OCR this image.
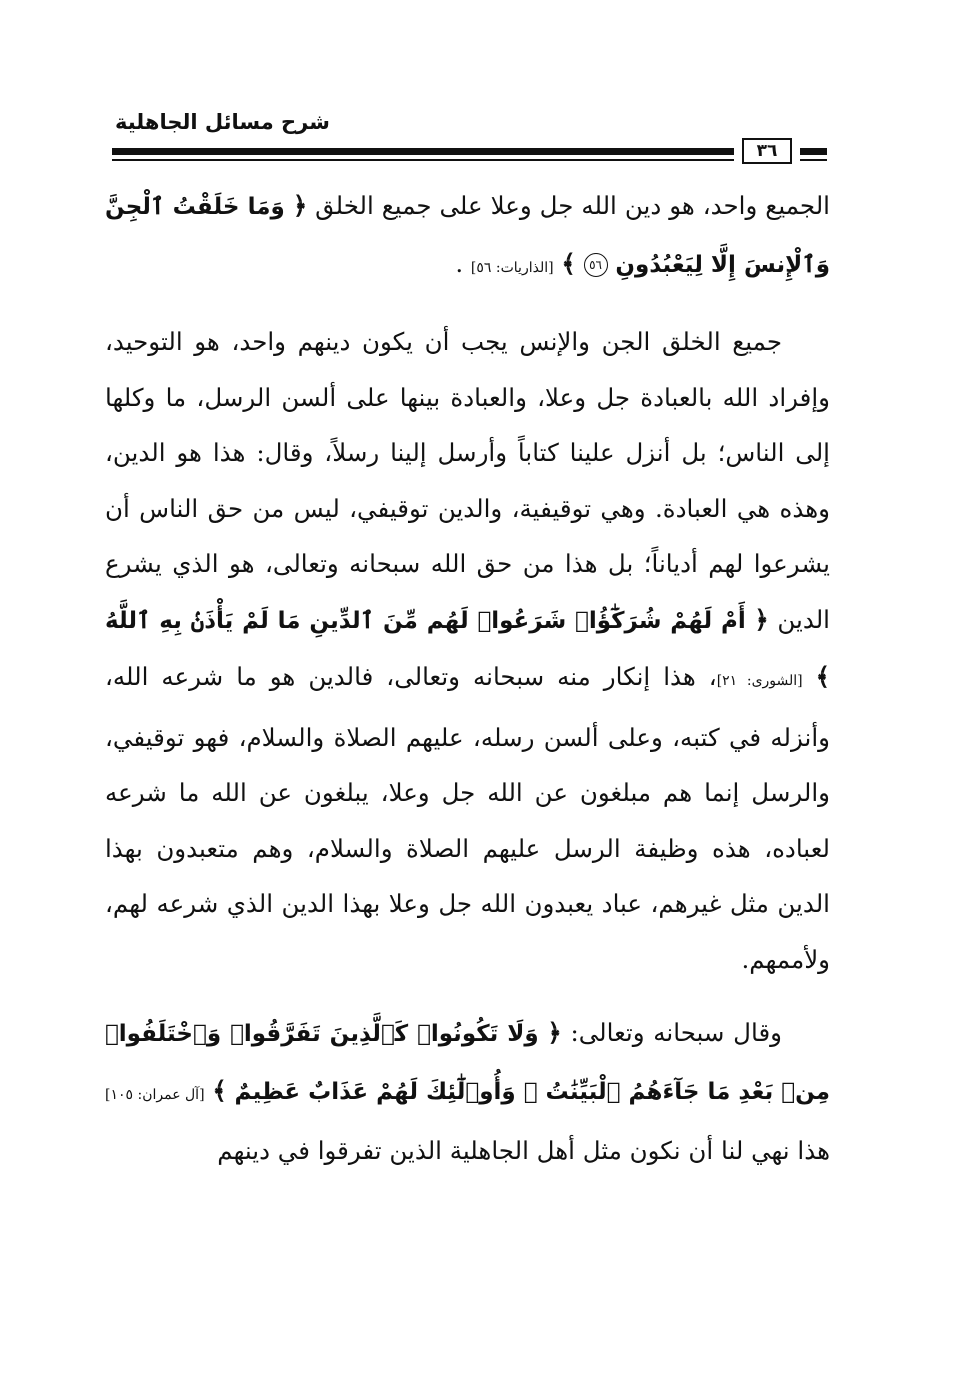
شرح مسائل الجاهلية
٣٦

الجميع واحد، هو دين الله جل وعلا على جميع الخلق ﴿ وَمَا خَلَقْتُ ٱلْجِنَّ وَٱلْإِنسَ إِلَّا لِيَعْبُدُونِ ٥٦ ﴾ [الذاريات: ٥٦] .

جميع الخلق الجن والإنس يجب أن يكون دينهم واحد، هو التوحيد، وإفراد الله بالعبادة جل وعلا، والعبادة بينها على ألسن الرسل، ما وكلها إلى الناس؛ بل أنزل علينا كتاباً وأرسل إلينا رسلاً، وقال: هذا هو الدين، وهذه هي العبادة. وهي توقيفية، والدين توقيفي، ليس من حق الناس أن يشرعوا لهم أدياناً؛ بل هذا من حق الله سبحانه وتعالى، هو الذي يشرع الدين ﴿ أَمْ لَهُمْ شُرَكَٰٓؤُا۟ شَرَعُوا۟ لَهُم مِّنَ ٱلدِّينِ مَا لَمْ يَأْذَنۢ بِهِ ٱللَّهُ ﴾ [الشورى: ٢١]، هذا إنكار منه سبحانه وتعالى، فالدين هو ما شرعه الله، وأنزله في كتبه، وعلى ألسن رسله، عليهم الصلاة والسلام، فهو توقيفي، والرسل إنما هم مبلغون عن الله جل وعلا، يبلغون عن الله ما شرعه لعباده، هذه وظيفة الرسل عليهم الصلاة والسلام، وهم متعبدون بهذا الدين مثل غيرهم، عباد يعبدون الله جل وعلا بهذا الدين الذي شرعه لهم، ولأممهم.

وقال سبحانه وتعالى: ﴿ وَلَا تَكُونُوا۟ كَٱلَّذِينَ تَفَرَّقُوا۟ وَٱخْتَلَفُوا۟ مِنۢ بَعْدِ مَا جَآءَهُمُ ٱلْبَيِّنَٰتُ ۚ وَأُو۟لَٰٓئِكَ لَهُمْ عَذَابٌ عَظِيمٌ ﴾ [آل عمران: ١٠٥] هذا نهي لنا أن نكون مثل أهل الجاهلية الذين تفرقوا في دينهم
